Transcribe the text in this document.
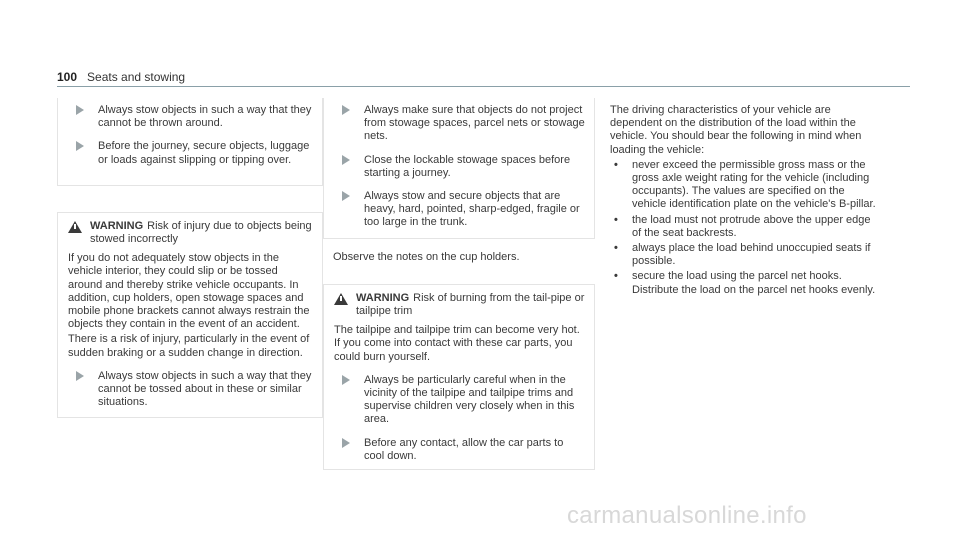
100 Seats and stowing
Always stow objects in such a way that they cannot be thrown around.
Before the journey, secure objects, luggage or loads against slipping or tipping over.
WARNING Risk of injury due to objects being stowed incorrectly

If you do not adequately stow objects in the vehicle interior, they could slip or be tossed around and thereby strike vehicle occupants. In addition, cup holders, open stowage spaces and mobile phone brackets cannot always restrain the objects they contain in the event of an accident.

There is a risk of injury, particularly in the event of sudden braking or a sudden change in direction.

Always stow objects in such a way that they cannot be tossed about in these or similar situations.
Always make sure that objects do not project from stowage spaces, parcel nets or stowage nets.
Close the lockable stowage spaces before starting a journey.
Always stow and secure objects that are heavy, hard, pointed, sharp-edged, fragile or too large in the trunk.

Observe the notes on the cup holders.

WARNING Risk of burning from the tail-pipe or tailpipe trim

The tailpipe and tailpipe trim can become very hot. If you come into contact with these car parts, you could burn yourself.

Always be particularly careful when in the vicinity of the tailpipe and tailpipe trims and supervise children very closely when in this area.
Before any contact, allow the car parts to cool down.

The driving characteristics of your vehicle are dependent on the distribution of the load within the vehicle. You should bear the following in mind when loading the vehicle:

•	never exceed the permissible gross mass or the gross axle weight rating for the vehicle (including occupants). The values are specified on the vehicle identification plate on the vehicle's B-pillar.
•	the load must not protrude above the upper edge of the seat backrests.
•	always place the load behind unoccupied seats if possible.
•	secure the load using the parcel net hooks. Distribute the load on the parcel net hooks evenly.
carmanualsonline.info
